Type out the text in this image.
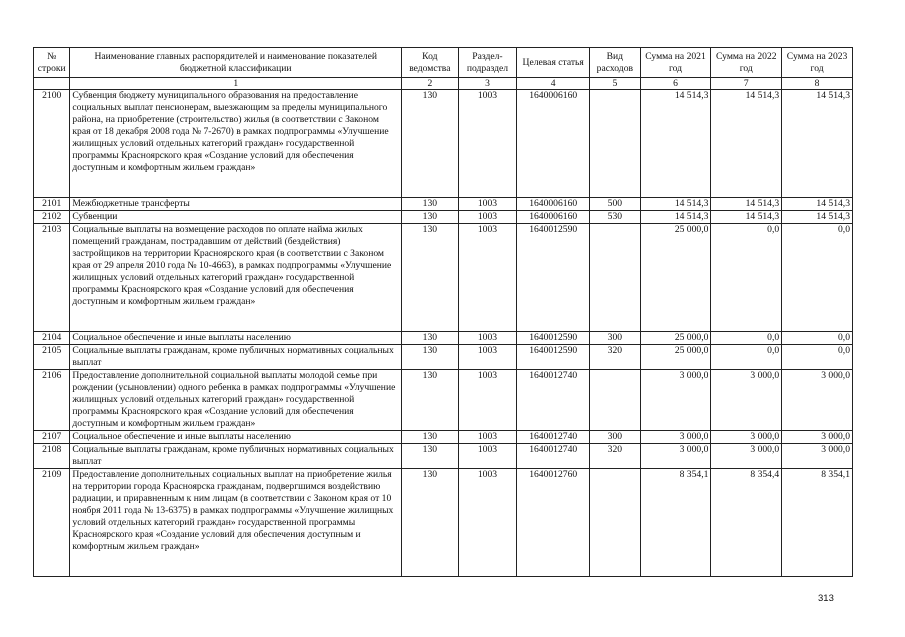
№ строки	Наименование главных распорядителей и наименование показателей бюджетной классификации	Код ведомства	Раздел-подраздел	Целевая статья	Вид расходов	Сумма на 2021 год	Сумма на 2022 год	Сумма на 2023 год
	1	2	3	4	5	6	7	8
2100	Субвенция бюджету муниципального образования на предоставление социальных выплат пенсионерам, выезжающим за пределы муниципального района, на приобретение (строительство) жилья (в соответствии с Законом края от 18 декабря 2008 года № 7-2670) в рамках подпрограммы «Улучшение жилищных условий отдельных категорий граждан» государственной программы Красноярского края «Создание условий для обеспечения доступным и комфортным жильем граждан»	130	1003	1640006160		14 514,3	14 514,3	14 514,3
2101	Межбюджетные трансферты	130	1003	1640006160	500	14 514,3	14 514,3	14 514,3
2102	Субвенции	130	1003	1640006160	530	14 514,3	14 514,3	14 514,3
2103	Социальные выплаты на возмещение расходов по оплате найма жилых помещений гражданам, пострадавшим от действий (бездействия) застройщиков на территории Красноярского края (в соответствии с Законом края от 29 апреля 2010 года № 10-4663), в рамках подпрограммы «Улучшение жилищных условий отдельных категорий граждан» государственной программы Красноярского края «Создание условий для обеспечения доступным и комфортным жильем граждан»	130	1003	1640012590		25 000,0	0,0	0,0
2104	Социальное обеспечение и иные выплаты населению	130	1003	1640012590	300	25 000,0	0,0	0,0
2105	Социальные выплаты гражданам, кроме публичных нормативных социальных выплат	130	1003	1640012590	320	25 000,0	0,0	0,0
2106	Предоставление дополнительной социальной выплаты молодой семье при рождении (усыновлении) одного ребенка в рамках подпрограммы «Улучшение жилищных условий отдельных категорий граждан» государственной программы Красноярского края «Создание условий для обеспечения доступным и комфортным жильем граждан»	130	1003	1640012740		3 000,0	3 000,0	3 000,0
2107	Социальное обеспечение и иные выплаты населению	130	1003	1640012740	300	3 000,0	3 000,0	3 000,0
2108	Социальные выплаты гражданам, кроме публичных нормативных социальных выплат	130	1003	1640012740	320	3 000,0	3 000,0	3 000,0
2109	Предоставление дополнительных социальных выплат на приобретение жилья на территории города Красноярска гражданам, подвергшимся воздействию радиации, и приравненным к ним лицам (в соответствии с Законом края от 10 ноября 2011 года № 13-6375) в рамках подпрограммы «Улучшение жилищных условий отдельных категорий граждан» государственной программы Красноярского края «Создание условий для обеспечения доступным и комфортным жильем граждан»	130	1003	1640012760		8 354,1	8 354,4	8 354,1
313
